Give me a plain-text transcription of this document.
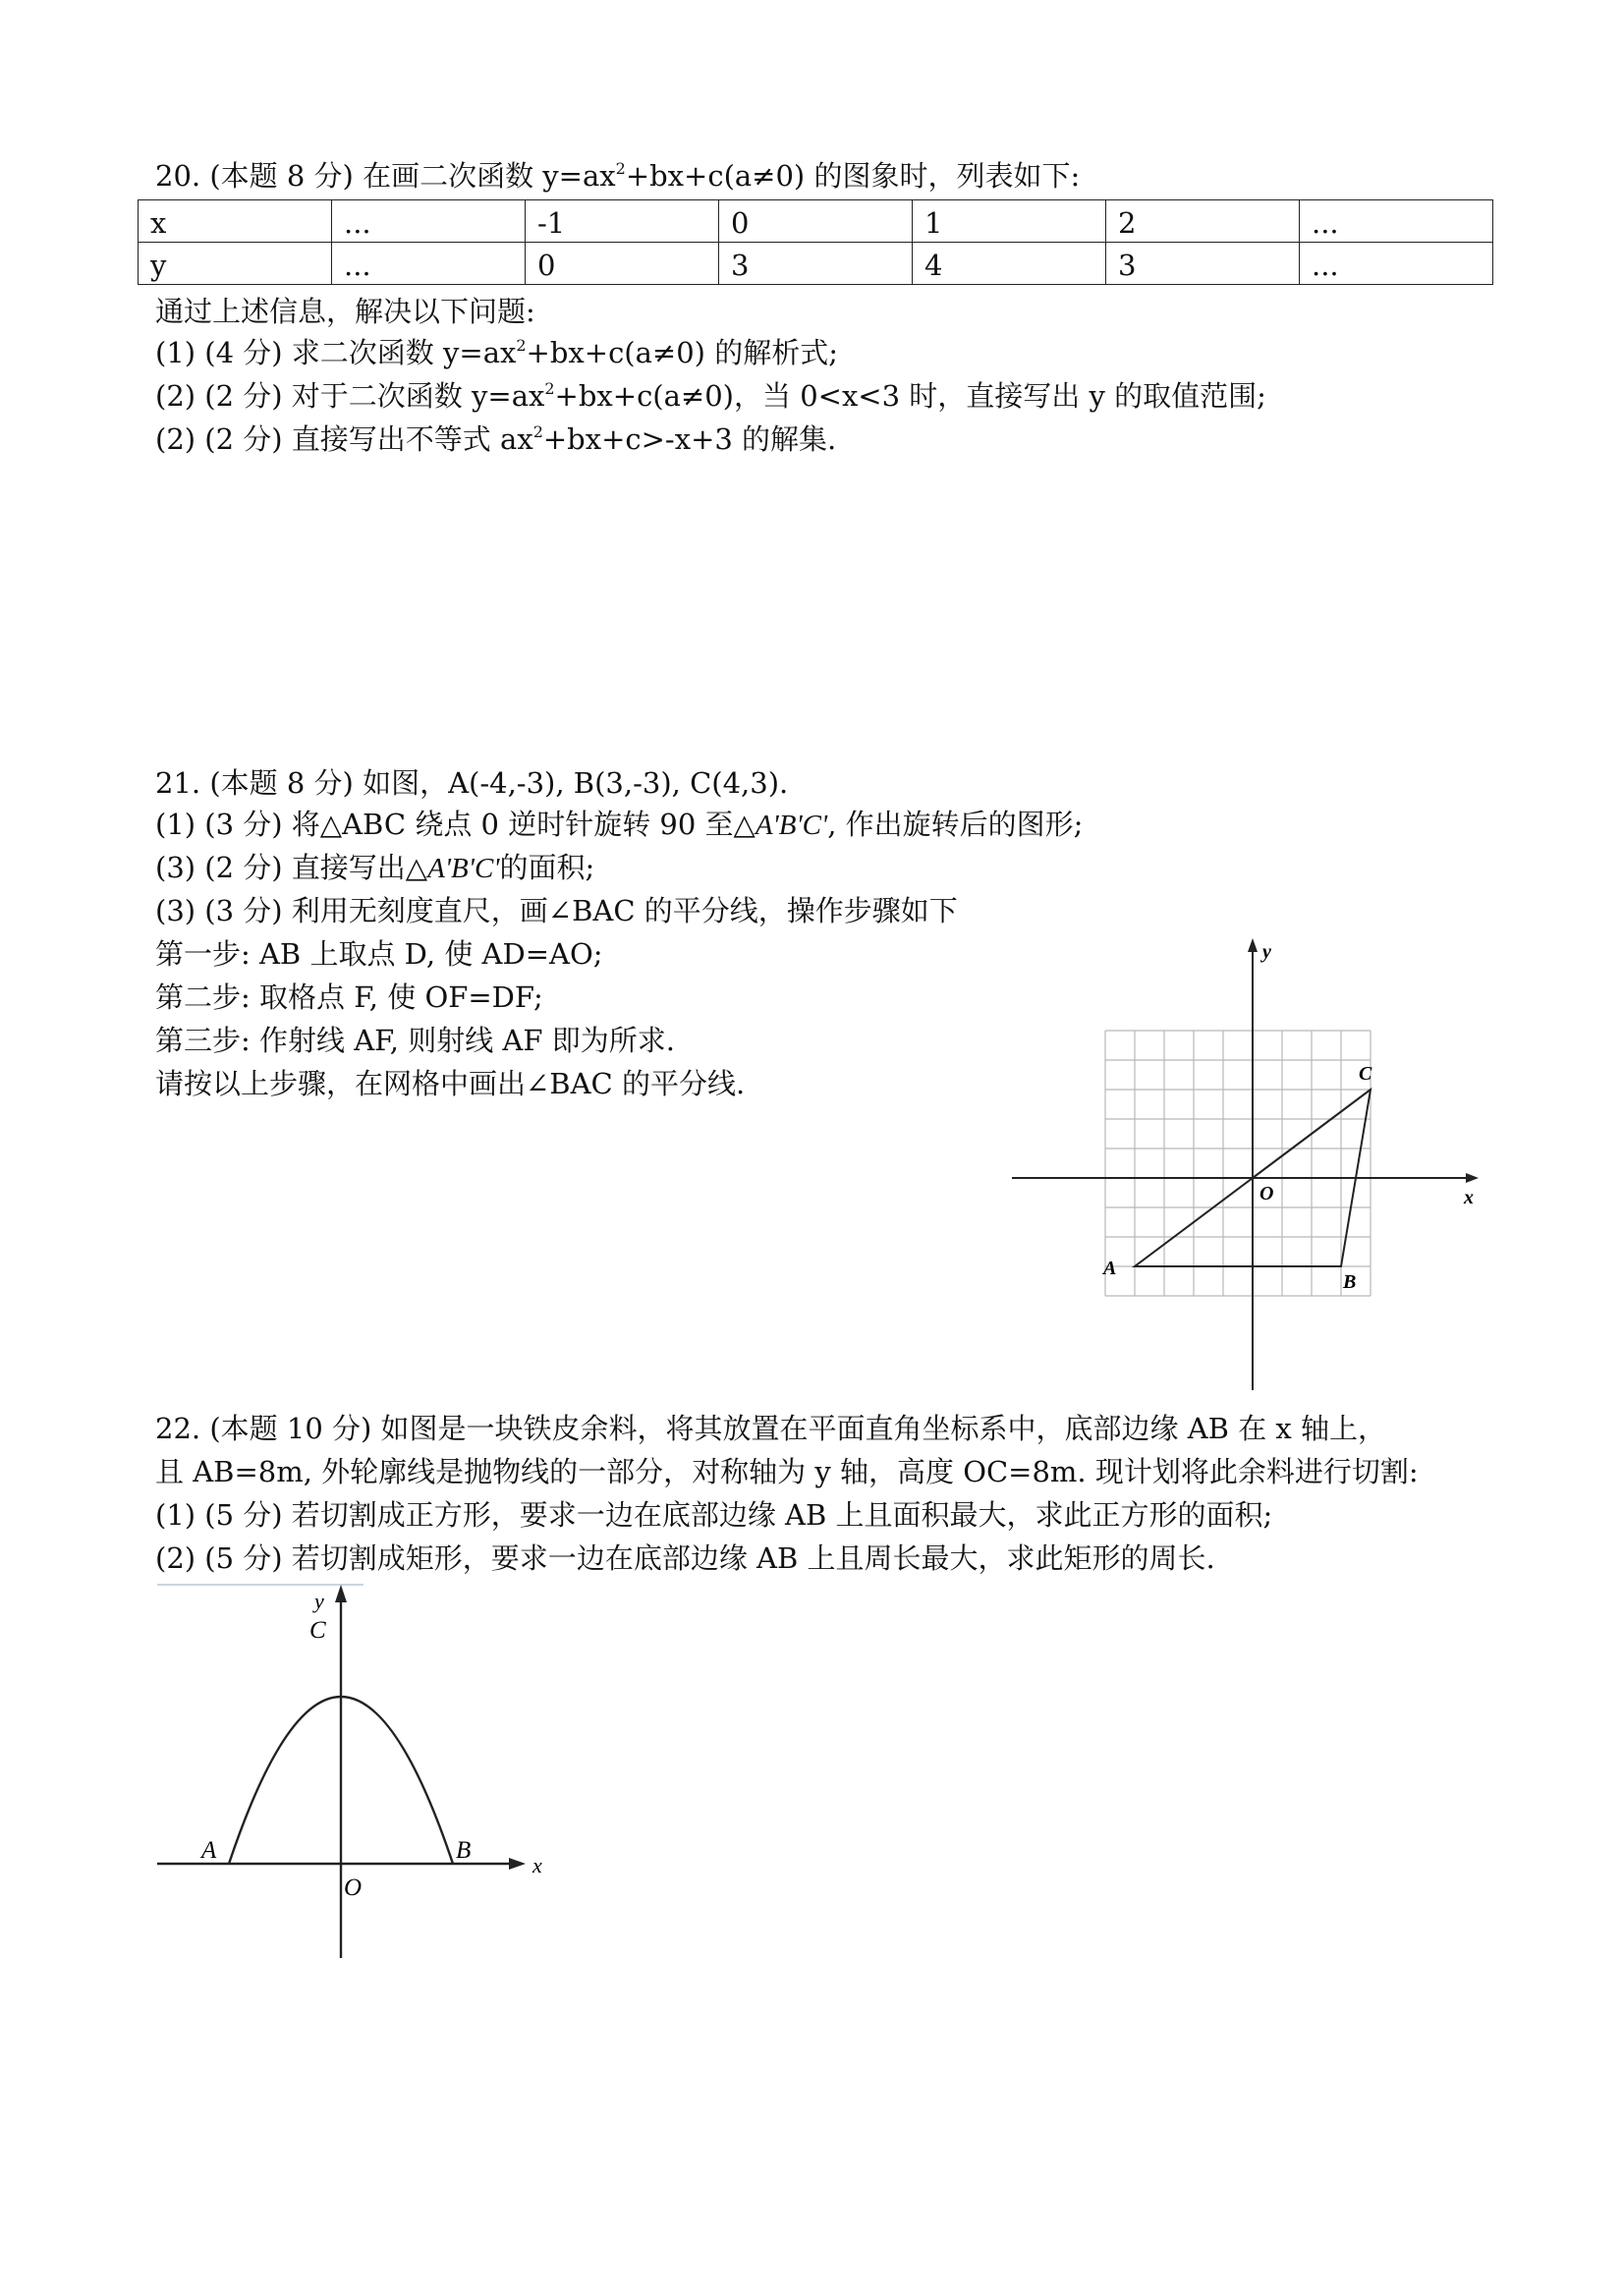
20. (本题 8 分) 在画二次函数 $y=ax^2+bx+c(a\ne 0)$ 的图象时，列表如下:
x	...	-1	0	1	2	...
y	...	0	3	4	3	...
通过上述信息，解决以下问题:
(1) (4 分) 求二次函数 $y=ax^2+bx+c(a\ne 0)$ 的解析式;
(2) (2 分) 对于二次函数 $y=ax^2+bx+c(a\ne 0)$，当 0<x<3 时，直接写出 y 的取值范围;
(2) (2 分) 直接写出不等式 $ax^2+bx+c>-x+3$ 的解集.
21. (本题 8 分) 如图，A(-4,-3), B(3,-3), C(4,3).
(1) (3 分) 将△ABC 绕点 0 逆时针旋转 90 至△A'B'C', 作出旋转后的图形;
(3) (2 分) 直接写出△A'B'C'的面积;
(3) (3 分) 利用无刻度直尺，画∠BAC 的平分线，操作步骤如下
第一步: AB 上取点 D, 使 AD=AO;
第二步: 取格点 F, 使 OF=DF;
第三步: 作射线 AF, 则射线 AF 即为所求.
请按以上步骤，在网格中画出∠BAC 的平分线.
y
x
O
A
B
C
22. (本题 10 分) 如图是一块铁皮余料，将其放置在平面直角坐标系中，底部边缘 AB 在 x 轴上，
且 AB=8m, 外轮廓线是抛物线的一部分，对称轴为 y 轴，高度 OC=8m. 现计划将此余料进行切割:
(1) (5 分) 若切割成正方形，要求一边在底部边缘 AB 上且面积最大，求此正方形的面积;
(2) (5 分) 若切割成矩形，要求一边在底部边缘 AB 上且周长最大，求此矩形的周长.
y
x
C
A	B
O
